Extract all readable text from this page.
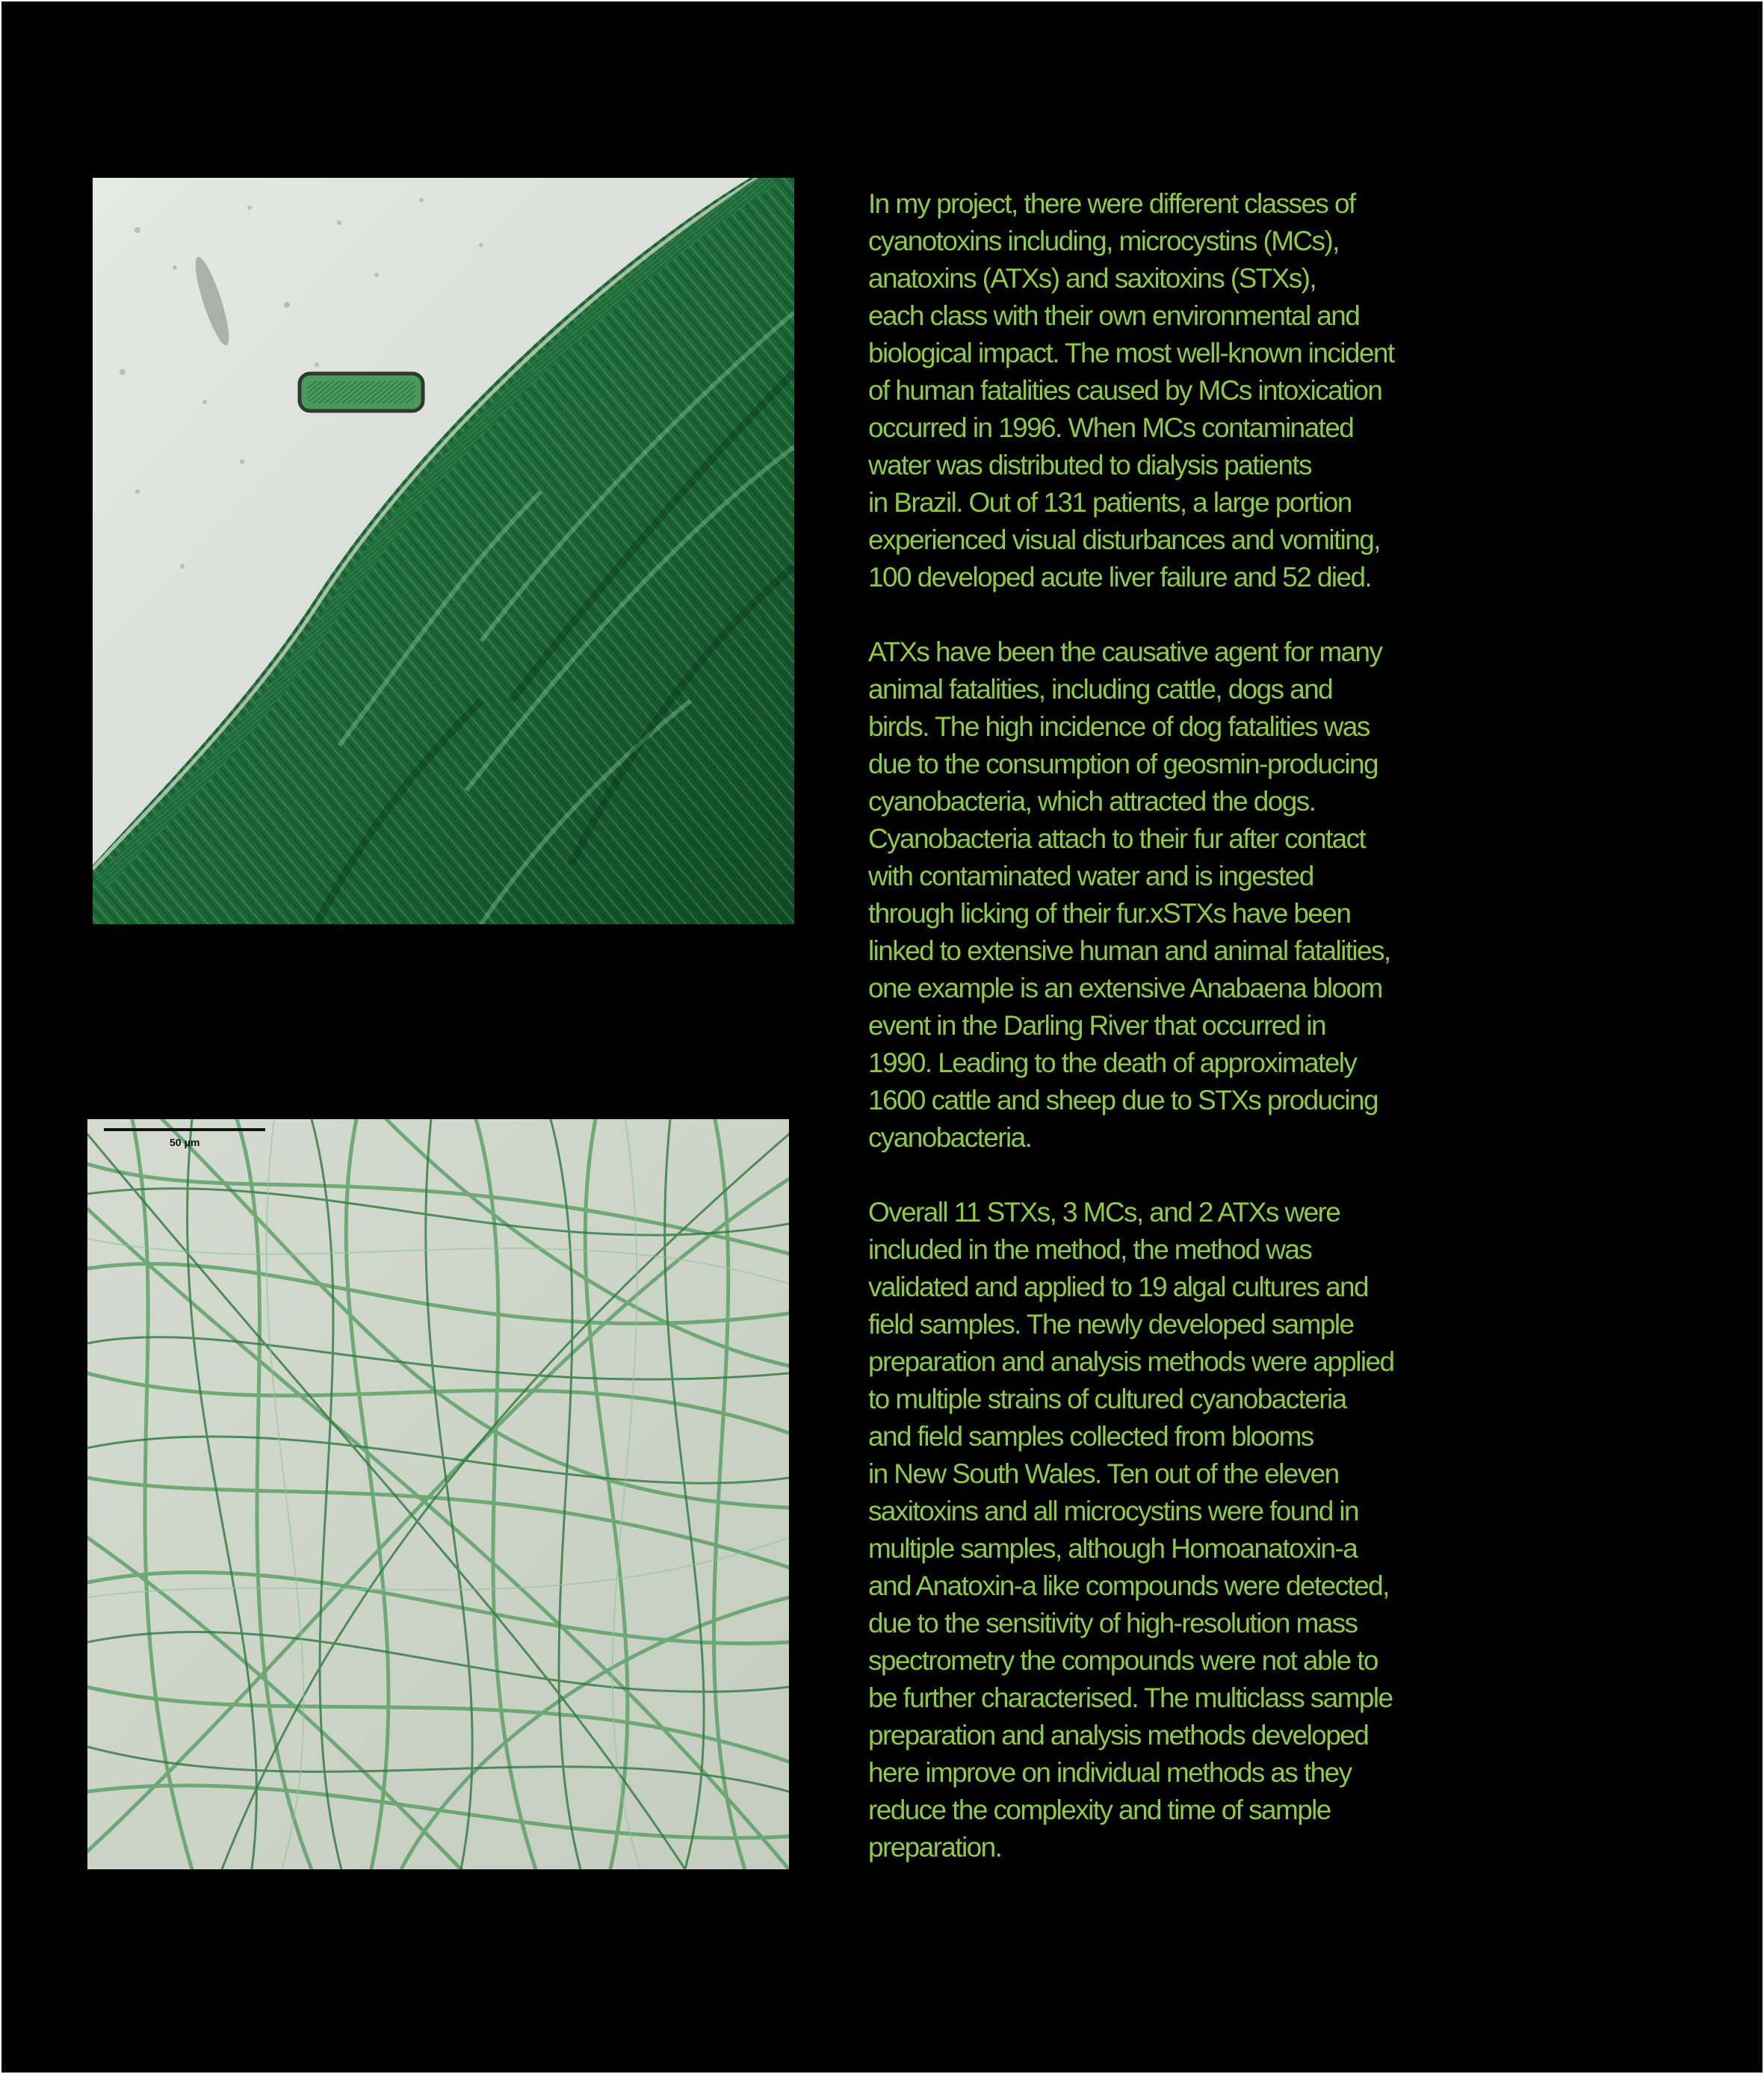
50 μm

In my project, there were different classes of
cyanotoxins including, microcystins (MCs),
anatoxins (ATXs) and saxitoxins (STXs),
each class with their own environmental and
biological impact. The most well-known incident
of human fatalities caused by MCs intoxication
occurred in 1996. When MCs contaminated
water was distributed to dialysis patients
in Brazil. Out of 131 patients, a large portion
experienced visual disturbances and vomiting,
100 developed acute liver failure and 52 died.

ATXs have been the causative agent for many
animal fatalities, including cattle, dogs and
birds. The high incidence of dog fatalities was
due to the consumption of geosmin-producing
cyanobacteria, which attracted the dogs.
Cyanobacteria attach to their fur after contact
with contaminated water and is ingested
through licking of their fur.xSTXs have been
linked to extensive human and animal fatalities,
one example is an extensive Anabaena bloom
event in the Darling River that occurred in
1990. Leading to the death of approximately
1600 cattle and sheep due to STXs producing
cyanobacteria.

Overall 11 STXs, 3 MCs, and 2 ATXs were
included in the method, the method was
validated and applied to 19 algal cultures and
field samples. The newly developed sample
preparation and analysis methods were applied
to multiple strains of cultured cyanobacteria
and field samples collected from blooms
in New South Wales. Ten out of the eleven
saxitoxins and all microcystins were found in
multiple samples, although Homoanatoxin-a
and Anatoxin-a like compounds were detected,
due to the sensitivity of high-resolution mass
spectrometry the compounds were not able to
be further characterised. The multiclass sample
preparation and analysis methods developed
here improve on individual methods as they
reduce the complexity and time of sample
preparation.
